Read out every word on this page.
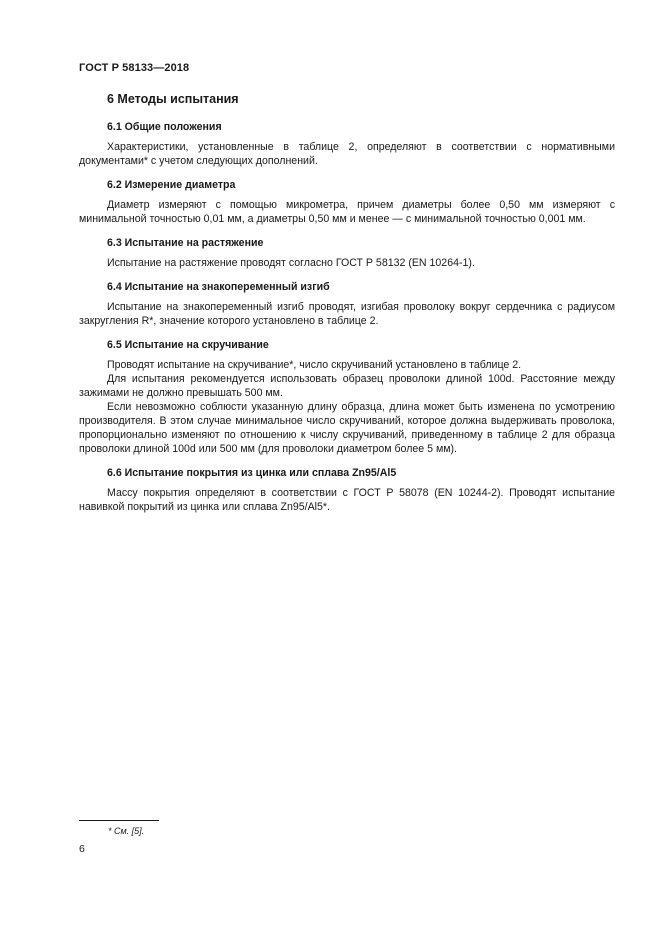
ГОСТ Р 58133—2018
6 Методы испытания
6.1 Общие положения

Характеристики, установленные в таблице 2, определяют в соответствии с нормативными документами* с учетом следующих дополнений.

6.2 Измерение диаметра

Диаметр измеряют с помощью микрометра, причем диаметры более 0,50 мм измеряют с минимальной точностью 0,01 мм, а диаметры 0,50 мм и менее — с минимальной точностью 0,001 мм.

6.3 Испытание на растяжение

Испытание на растяжение проводят согласно ГОСТ Р 58132 (EN 10264-1).

6.4 Испытание на знакопеременный изгиб

Испытание на знакопеременный изгиб проводят, изгибая проволоку вокруг сердечника с радиусом закругления R*, значение которого установлено в таблице 2.

6.5 Испытание на скручивание

Проводят испытание на скручивание*, число скручиваний установлено в таблице 2.

Для испытания рекомендуется использовать образец проволоки длиной 100d. Расстояние между зажимами не должно превышать 500 мм.

Если невозможно соблюсти указанную длину образца, длина может быть изменена по усмотрению производителя. В этом случае минимальное число скручиваний, которое должна выдерживать проволока, пропорционально изменяют по отношению к числу скручиваний, приведенному в таблице 2 для образца проволоки длиной 100d или 500 мм (для проволоки диаметром более 5 мм).

6.6 Испытание покрытия из цинка или сплава Zn95/Al5

Массу покрытия определяют в соответствии с ГОСТ Р 58078 (EN 10244-2). Проводят испытание навивкой покрытий из цинка или сплава Zn95/Al5*.

* См. [5].
6
